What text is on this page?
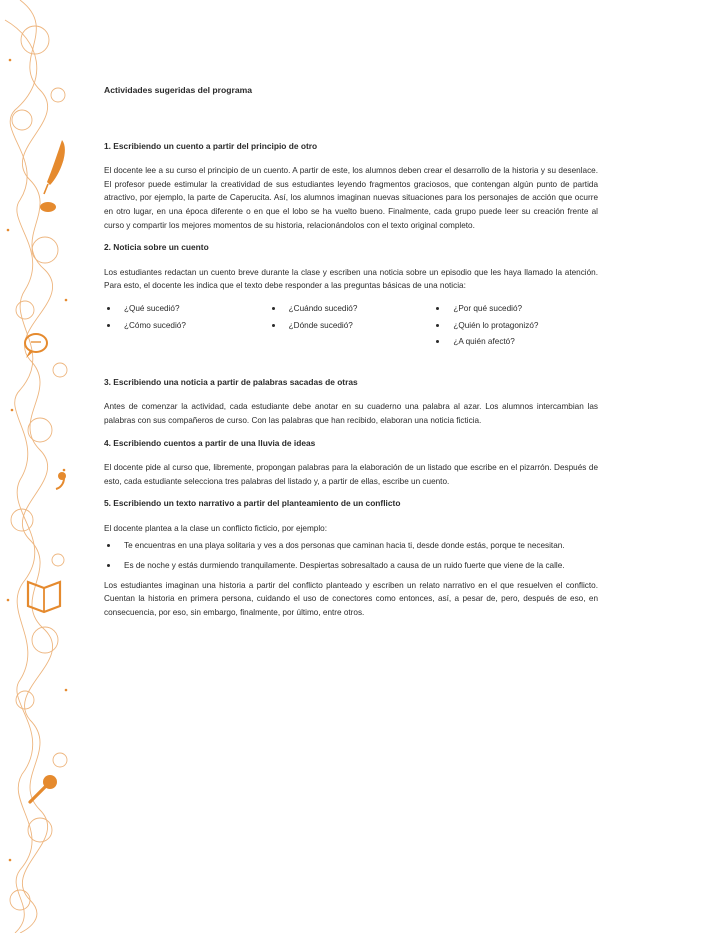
Actividades sugeridas del programa
1. Escribiendo un cuento a partir del principio de otro

El docente lee a su curso el principio de un cuento. A partir de este, los alumnos deben crear el desarrollo de la historia y su desenlace. El profesor puede estimular la creatividad de sus estudiantes leyendo fragmentos graciosos, que contengan algún punto de partida atractivo, por ejemplo, la parte de Caperucita. Así, los alumnos imaginan nuevas situaciones para los personajes de acción que ocurre en otro lugar, en una época diferente o en que el lobo se ha vuelto bueno. Finalmente, cada grupo puede leer su creación frente al curso y compartir los mejores momentos de su historia, relacionándolos con el texto original completo.

2. Noticia sobre un cuento

Los estudiantes redactan un cuento breve durante la clase y escriben una noticia sobre un episodio que les haya llamado la atención. Para esto, el docente les indica que el texto debe responder a las preguntas básicas de una noticia:

¿Qué sucedió?
¿Cómo sucedió?
¿Cuándo sucedió?
¿Dónde sucedió?
¿Por qué sucedió?
¿Quién lo protagonizó?
¿A quién afectó?
3. Escribiendo una noticia a partir de palabras sacadas de otras

Antes de comenzar la actividad, cada estudiante debe anotar en su cuaderno una palabra al azar. Los alumnos intercambian las palabras con sus compañeros de curso. Con las palabras que han recibido, elaboran una noticia ficticia.

4. Escribiendo cuentos a partir de una lluvia de ideas

El docente pide al curso que, libremente, propongan palabras para la elaboración de un listado que escribe en el pizarrón. Después de esto, cada estudiante selecciona tres palabras del listado y, a partir de ellas, escribe un cuento.

5. Escribiendo un texto narrativo a partir del planteamiento de un conflicto

El docente plantea a la clase un conflicto ficticio, por ejemplo:

Te encuentras en una playa solitaria y ves a dos personas que caminan hacia ti, desde donde estás, porque te necesitan.
Es de noche y estás durmiendo tranquilamente. Despiertas sobresaltado a causa de un ruido fuerte que viene de la calle.

Los estudiantes imaginan una historia a partir del conflicto planteado y escriben un relato narrativo en el que resuelven el conflicto. Cuentan la historia en primera persona, cuidando el uso de conectores como entonces, así, a pesar de, pero, después de eso, en consecuencia, por eso, sin embargo, finalmente, por último, entre otros.
